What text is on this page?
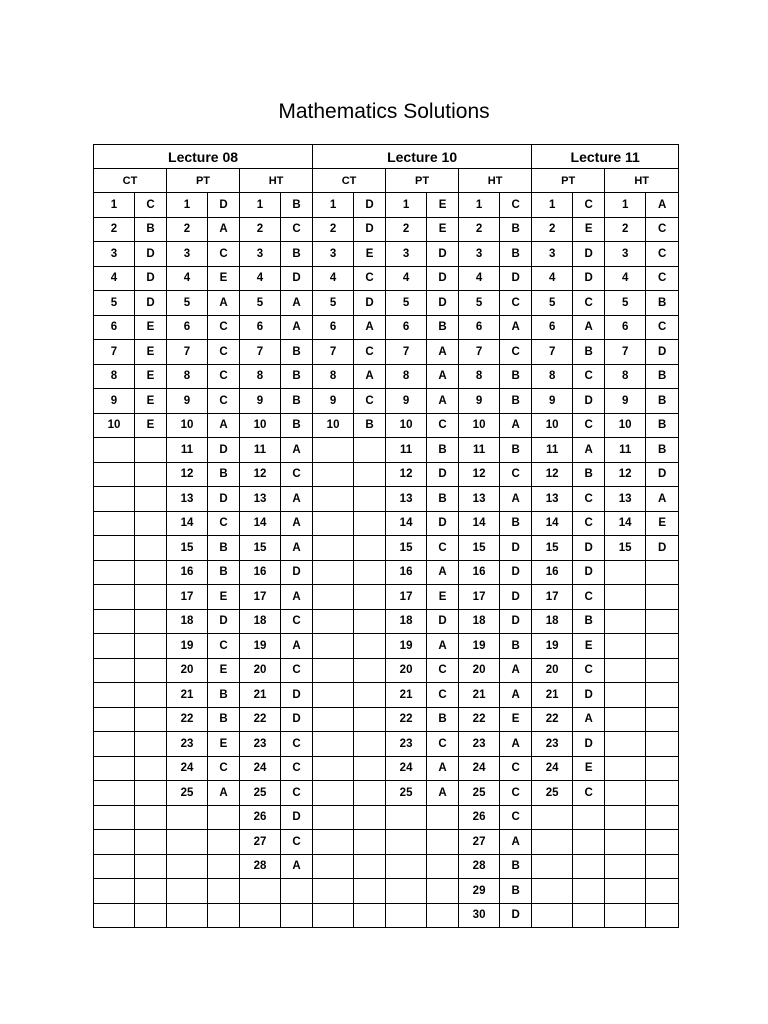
Mathematics Solutions
Lecture 08						Lecture 10						Lecture 11			
CT		PT		HT		CT		PT		HT		PT		HT	
1	C	1	D	1	B	1	D	1	E	1	C	1	C	1	A
2	B	2	A	2	C	2	D	2	E	2	B	2	E	2	C
3	D	3	C	3	B	3	E	3	D	3	B	3	D	3	C
4	D	4	E	4	D	4	C	4	D	4	D	4	D	4	C
5	D	5	A	5	A	5	D	5	D	5	C	5	C	5	B
6	E	6	C	6	A	6	A	6	B	6	A	6	A	6	C
7	E	7	C	7	B	7	C	7	A	7	C	7	B	7	D
8	E	8	C	8	B	8	A	8	A	8	B	8	C	8	B
9	E	9	C	9	B	9	C	9	A	9	B	9	D	9	B
10	E	10	A	10	B	10	B	10	C	10	A	10	C	10	B
		11	D	11	A			11	B	11	B	11	A	11	B
		12	B	12	C			12	D	12	C	12	B	12	D
		13	D	13	A			13	B	13	A	13	C	13	A
		14	C	14	A			14	D	14	B	14	C	14	E
		15	B	15	A			15	C	15	D	15	D	15	D
		16	B	16	D			16	A	16	D	16	D		
		17	E	17	A			17	E	17	D	17	C		
		18	D	18	C			18	D	18	D	18	B		
		19	C	19	A			19	A	19	B	19	E		
		20	E	20	C			20	C	20	A	20	C		
		21	B	21	D			21	C	21	A	21	D		
		22	B	22	D			22	B	22	E	22	A		
		23	E	23	C			23	C	23	A	23	D		
		24	C	24	C			24	A	24	C	24	E		
		25	A	25	C			25	A	25	C	25	C		
				26	D					26	C				
				27	C					27	A				
				28	A					28	B				
										29	B				
										30	D				
